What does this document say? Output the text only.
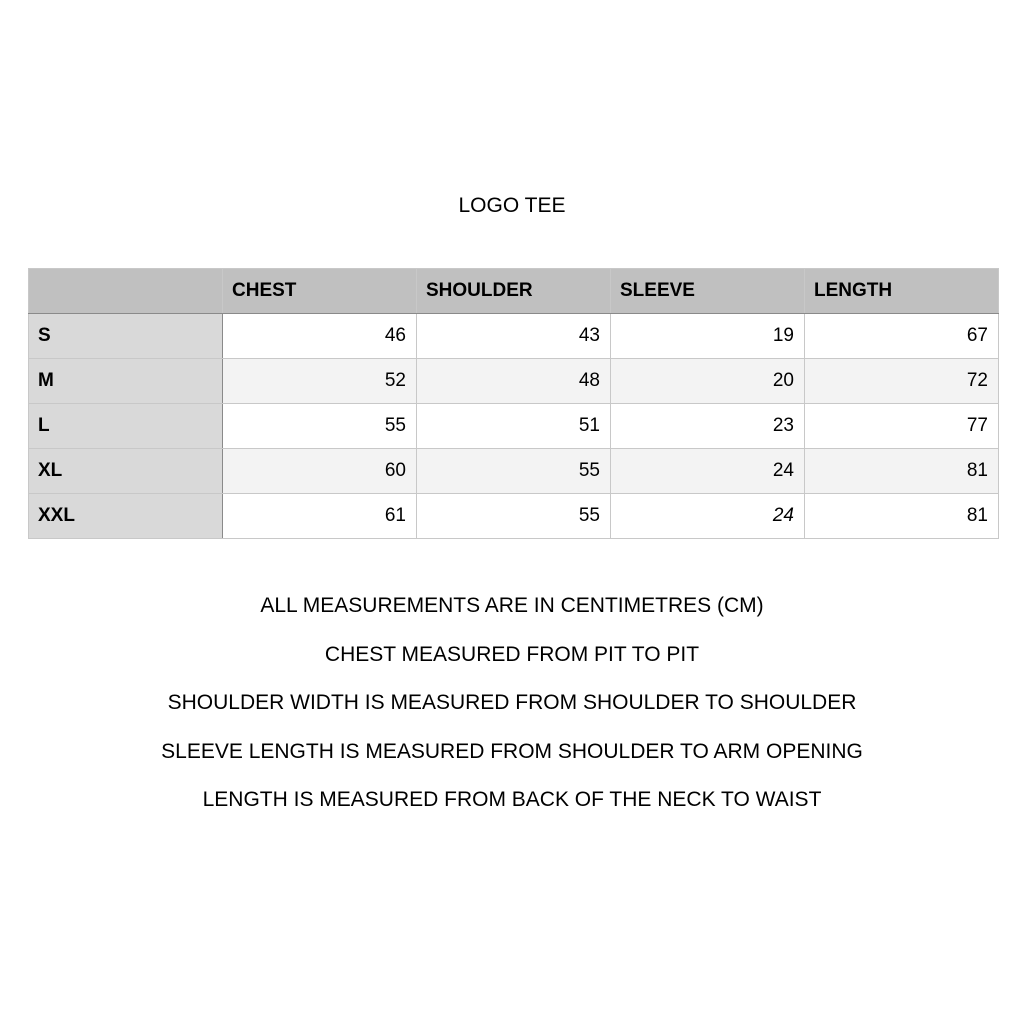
LOGO TEE
	CHEST	SHOULDER	SLEEVE	LENGTH
S	46	43	19	67
M	52	48	20	72
L	55	51	23	77
XL	60	55	24	81
XXL	61	55	24	81
ALL MEASUREMENTS ARE IN CENTIMETRES (CM)
CHEST MEASURED FROM PIT TO PIT
SHOULDER WIDTH IS MEASURED FROM SHOULDER TO SHOULDER
SLEEVE LENGTH IS MEASURED FROM SHOULDER TO ARM OPENING
LENGTH IS MEASURED FROM BACK OF THE NECK TO WAIST
